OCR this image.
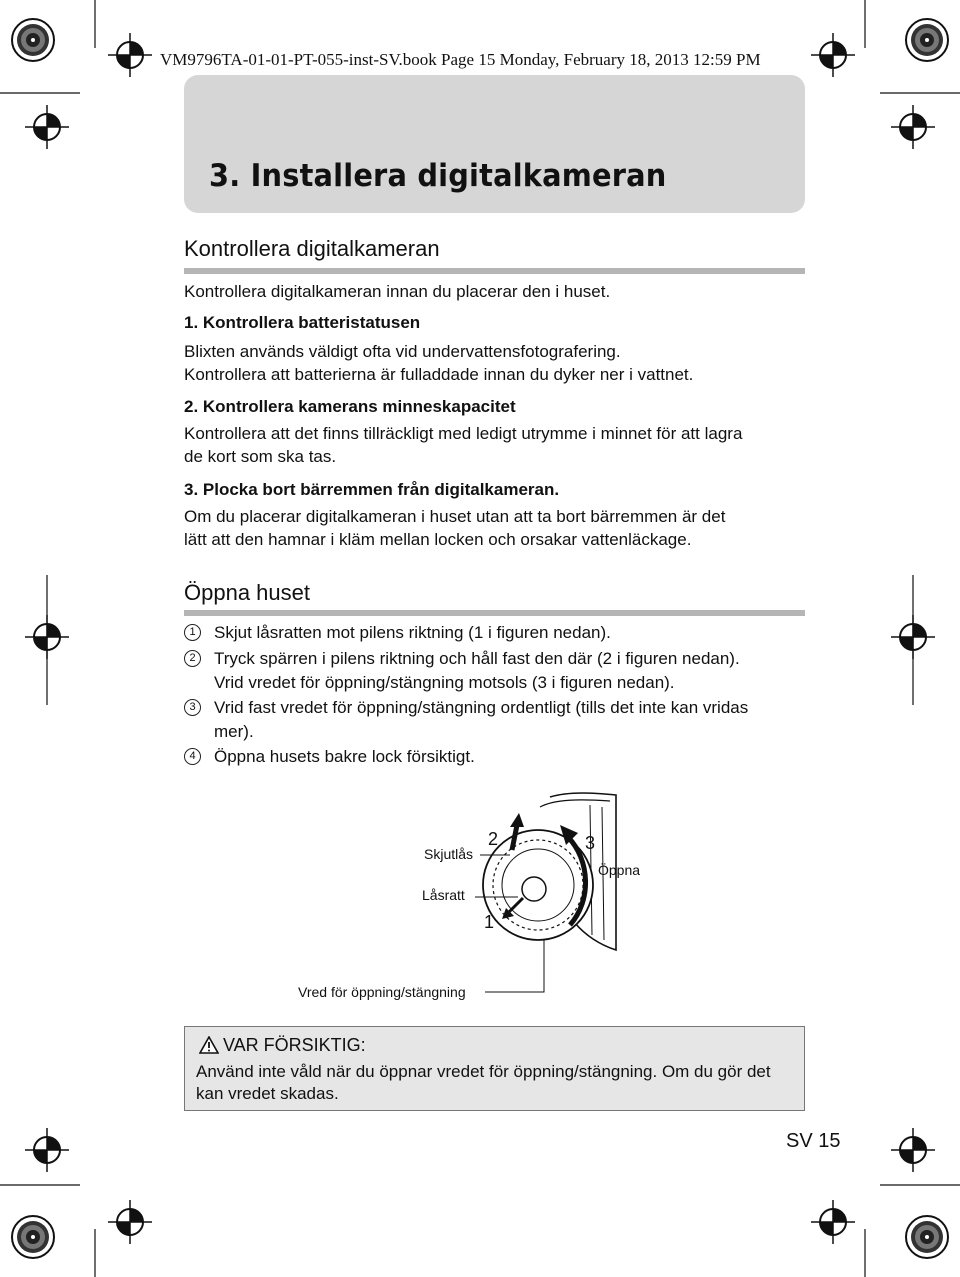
VM9796TA-01-01-PT-055-inst-SV.book Page 15 Monday, February 18, 2013 12:59 PM
3. Installera digitalkameran
Kontrollera digitalkameran
Kontrollera digitalkameran innan du placerar den i huset.
1. Kontrollera batteristatusen
Blixten används väldigt ofta vid undervattensfotografering.
Kontrollera att batterierna är fulladdade innan du dyker ner i vattnet.
2. Kontrollera kamerans minneskapacitet
Kontrollera att det finns tillräckligt med ledigt utrymme i minnet för att lagra
de kort som ska tas.
3. Plocka bort bärremmen från digitalkameran.
Om du placerar digitalkameran i huset utan att ta bort bärremmen är det
lätt att den hamnar i kläm mellan locken och orsakar vattenläckage.
Öppna huset
1	Skjut låsratten mot pilens riktning (1 i figuren nedan).
2	Tryck spärren i pilens riktning och håll fast den där (2 i figuren nedan).
Vrid vredet för öppning/stängning motsols (3 i figuren nedan).
3	Vrid fast vredet för öppning/stängning ordentligt (tills det inte kan vridas
mer).
4	Öppna husets bakre lock försiktigt.
Skjutlås
Låsratt
Öppna
Vred för öppning/stängning
2	3
1
VAR FÖRSIKTIG:
Använd inte våld när du öppnar vredet för öppning/stängning. Om du gör det
kan vredet skadas.
SV 15
